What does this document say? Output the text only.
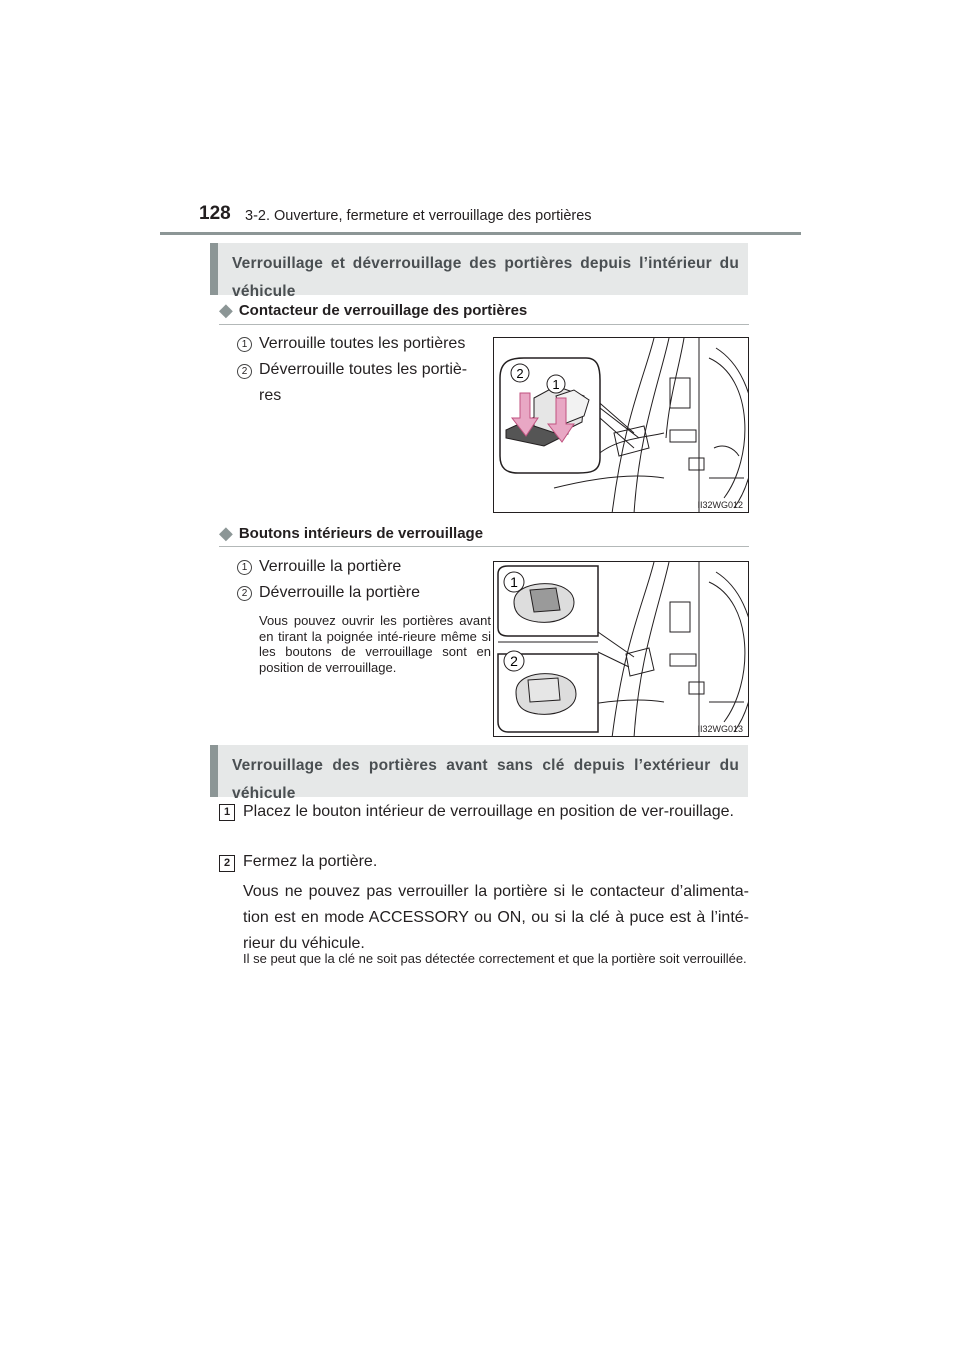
128 3-2. Ouverture, fermeture et verrouillage des portières
Verrouillage et déverrouillage des portières depuis l’intérieur du véhicule
◆ Contacteur de verrouillage des portières
1 Verrouille toutes les portières
2 Déverrouille toutes les portiè-res
2
1
II32WG012
◆ Boutons intérieurs de verrouillage
1 Verrouille la portière
2 Déverrouille la portière
Vous pouvez ouvrir les portières avant en tirant la poignée inté-rieure même si les boutons de verrouillage sont en position de verrouillage.
1
2
II32WG013
Verrouillage des portières avant sans clé depuis l’extérieur du véhicule
1 Placez le bouton intérieur de verrouillage en position de ver-rouillage.
2 Fermez la portière.
Vous ne pouvez pas verrouiller la portière si le contacteur d’alimenta-tion est en mode ACCESSORY ou ON, ou si la clé à puce est à l’inté-rieur du véhicule.
Il se peut que la clé ne soit pas détectée correctement et que la portière soit verrouillée.
